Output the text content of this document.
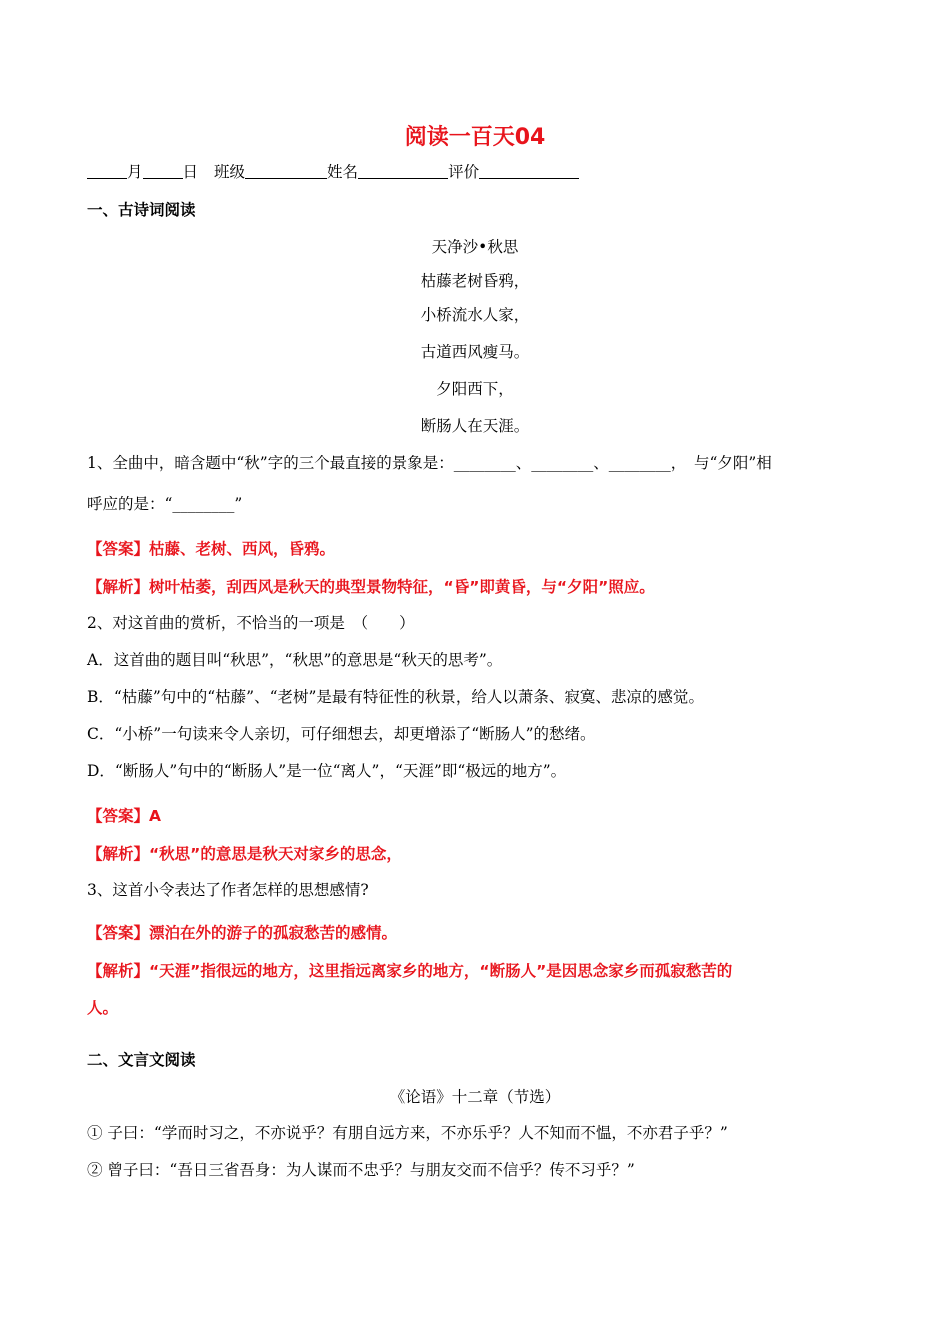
阅读一百天04
月	日 班级	姓名	评价
一、古诗词阅读
天净沙•秋思
枯藤老树昏鸦，
小桥流水人家，
古道西风瘦马。
夕阳西下，
断肠人在天涯。
1、全曲中，暗含题中“秋”字的三个最直接的景象是：________、________、________，　与“夕阳”相
呼应的是：“________”
【答案】枯藤、老树、西风，昏鸦。
【解析】树叶枯萎，刮西风是秋天的典型景物特征，“昏”即黄昏，与“夕阳”照应。
2、对这首曲的赏析，不恰当的一项是　（　　）
A．这首曲的题目叫“秋思”，“秋思”的意思是“秋天的思考”。
B．“枯藤”句中的“枯藤”、“老树”是最有特征性的秋景，给人以萧条、寂寞、悲凉的感觉。
C．“小桥”一句读来令人亲切，可仔细想去，却更增添了“断肠人”的愁绪。
D．“断肠人”句中的“断肠人”是一位“离人”，“天涯”即“极远的地方”。
【答案】A
【解析】“秋思”的意思是秋天对家乡的思念，
3、这首小令表达了作者怎样的思想感情?
【答案】漂泊在外的游子的孤寂愁苦的感情。
【解析】“天涯”指很远的地方，这里指远离家乡的地方，“断肠人”是因思念家乡而孤寂愁苦的
人。
二、文言文阅读
《论语》十二章（节选）
① 子曰：“学而时习之，不亦说乎？有朋自远方来，不亦乐乎？人不知而不愠，不亦君子乎？”
② 曾子曰：“吾日三省吾身：为人谋而不忠乎？与朋友交而不信乎？传不习乎？”
